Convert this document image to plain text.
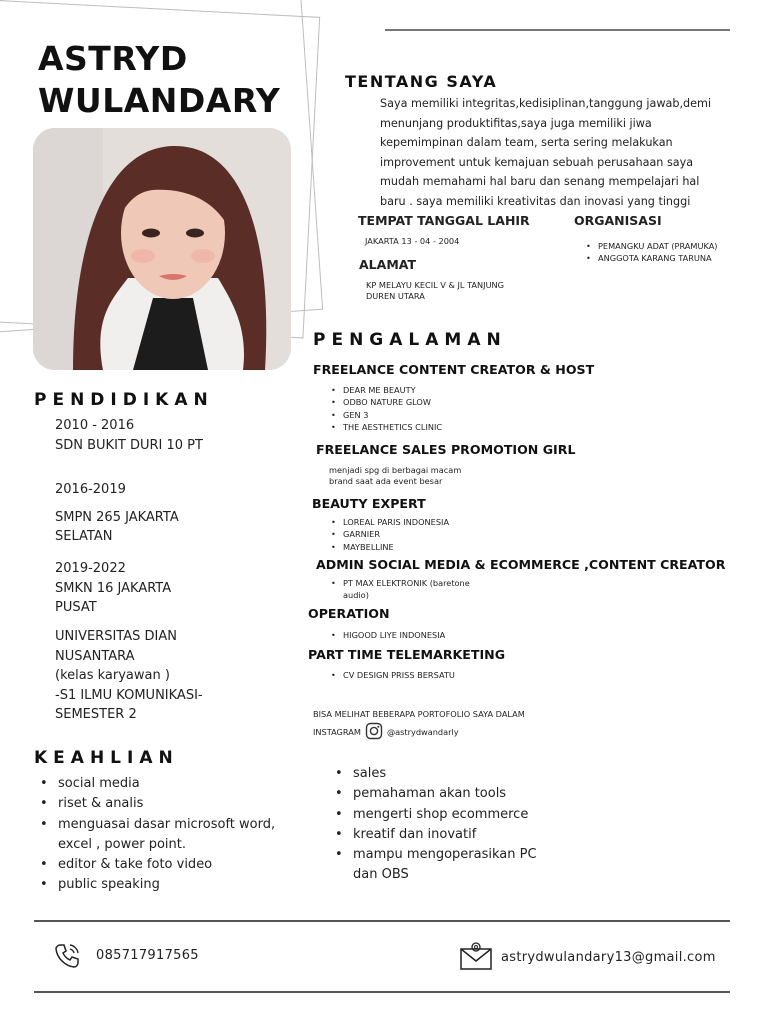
ASTRYD
WULANDARY	TENTANG SAYA
Saya memiliki integritas,kedisiplinan,tanggung jawab,demi
menunjang produktifitas,saya juga memiliki jiwa
kepemimpinan dalam team, serta sering melakukan
improvement untuk kemajuan sebuah perusahaan saya
mudah memahami hal baru dan senang mempelajari hal
baru . saya memiliki kreativitas dan inovasi yang tinggi
TEMPAT TANGGAL LAHIR
JAKARTA 13 - 04 - 2004
ORGANISASI
• PEMANGKU ADAT (PRAMUKA)
• ANGGOTA KARANG TARUNA
ALAMAT
KP MELAYU KECIL V & JL TANJUNG
DUREN UTARA
PENGALAMAN
FREELANCE CONTENT CREATOR & HOST
• DEAR ME BEAUTY
• ODBO NATURE GLOW
• GEN 3
• THE AESTHETICS CLINIC
FREELANCE SALES PROMOTION GIRL
menjadi spg di berbagai macam
brand saat ada event besar
BEAUTY EXPERT
• LOREAL PARIS INDONESIA
• GARNIER
• MAYBELLINE
ADMIN SOCIAL MEDIA & ECOMMERCE ,CONTENT CREATOR
• PT MAX ELEKTRONIK (baretone
audio)
OPERATION
• HIGOOD LIYE INDONESIA
PART TIME TELEMARKETING
• CV DESIGN PRISS BERSATU
BISA MELIHAT BEBERAPA PORTOFOLIO SAYA DALAM
INSTAGRAM	@astrydwandarly
PENDIDIKAN
2010 - 2016
SDN BUKIT DURI 10 PT
2016-2019
SMPN 265 JAKARTA
SELATAN
2019-2022
SMKN 16 JAKARTA
PUSAT
UNIVERSITAS DIAN
NUSANTARA
(kelas karyawan )
-S1 ILMU KOMUNIKASI-
SEMESTER 2
KEAHLIAN
• social media
• riset & analis
• menguasai dasar microsoft word,
excel , power point.
• editor & take foto video
• public speaking
• sales
• pemahaman akan tools
• mengerti shop ecommerce
• kreatif dan inovatif
• mampu mengoperasikan PC
dan OBS
085717917565	astrydwulandary13@gmail.com
